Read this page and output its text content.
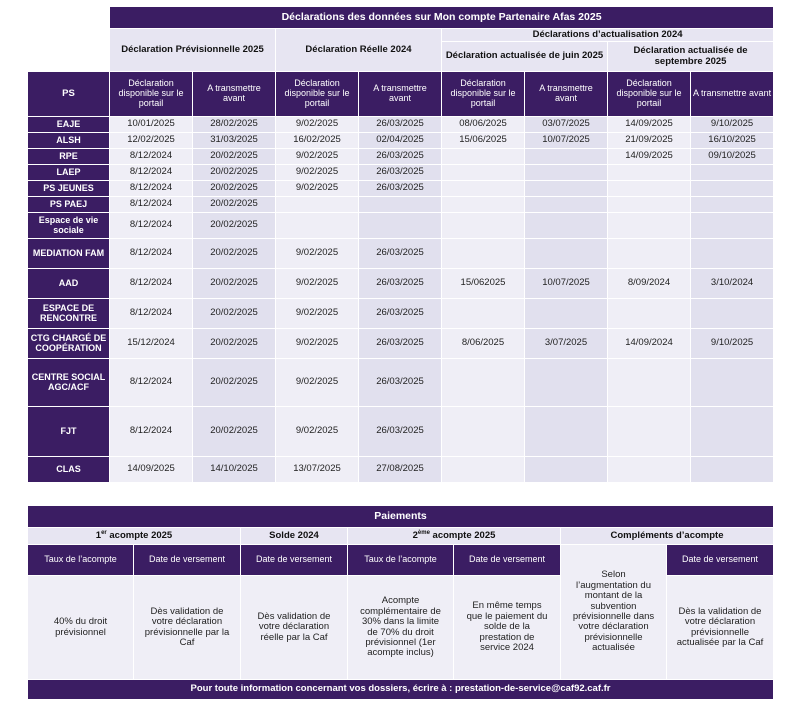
	Déclarations des données sur Mon compte Partenaire Afas 2025							
	Déclaration Prévisionnelle 2025		Déclaration Réelle 2024		Déclarations d’actualisation 2024			
					Déclaration actualisée de juin 2025		Déclaration actualisée de septembre 2025	
PS	Déclaration disponible sur le portail	A transmettre avant	Déclaration disponible sur le portail	A transmettre avant	Déclaration disponible sur le portail	A transmettre avant	Déclaration disponible sur le portail	A transmettre avant
EAJE	10/01/2025	28/02/2025	9/02/2025	26/03/2025	08/06/2025	03/07/2025	14/09/2025	9/10/2025
ALSH	12/02/2025	31/03/2025	16/02/2025	02/04/2025	15/06/2025	10/07/2025	21/09/2025	16/10/2025
RPE	8/12/2024	20/02/2025	9/02/2025	26/03/2025			14/09/2025	09/10/2025
LAEP	8/12/2024	20/02/2025	9/02/2025	26/03/2025				
PS JEUNES	8/12/2024	20/02/2025	9/02/2025	26/03/2025				
PS PAEJ	8/12/2024	20/02/2025						
Espace de vie sociale	8/12/2024	20/02/2025						
MEDIATION FAM	8/12/2024	20/02/2025	9/02/2025	26/03/2025				
AAD	8/12/2024	20/02/2025	9/02/2025	26/03/2025	15/062025	10/07/2025	8/09/2024	3/10/2024
ESPACE DE RENCONTRE	8/12/2024	20/02/2025	9/02/2025	26/03/2025				
CTG CHARGÉ DE COOPÉRATION	15/12/2024	20/02/2025	9/02/2025	26/03/2025	8/06/2025	3/07/2025	14/09/2024	9/10/2025
CENTRE SOCIAL AGC/ACF	8/12/2024	20/02/2025	9/02/2025	26/03/2025				
FJT	8/12/2024	20/02/2025	9/02/2025	26/03/2025				
CLAS	14/09/2025	14/10/2025	13/07/2025	27/08/2025				
Paiements						
1er acompte 2025		Solde 2024	2ème acompte 2025		Compléments d’acompte	
Taux de l’acompte	Date de versement	Date de versement	Taux de l’acompte	Date de versement	Selon l’augmentation du montant de la subvention prévisionnelle dans votre déclaration prévisionnelle actualisée	Date de versement
40% du droit prévisionnel	Dès validation de votre déclaration prévisionnelle par la Caf	Dès validation de votre déclaration réelle par la Caf	Acompte complémentaire de 30% dans la limite de 70% du droit prévisionnel (1er acompte inclus)	En même temps que le paiement du solde de la prestation de service 2024		Dès la validation de votre déclaration prévisionnelle actualisée par la Caf
Pour toute information concernant vos dossiers, écrire à : prestation-de-service@caf92.caf.fr						
